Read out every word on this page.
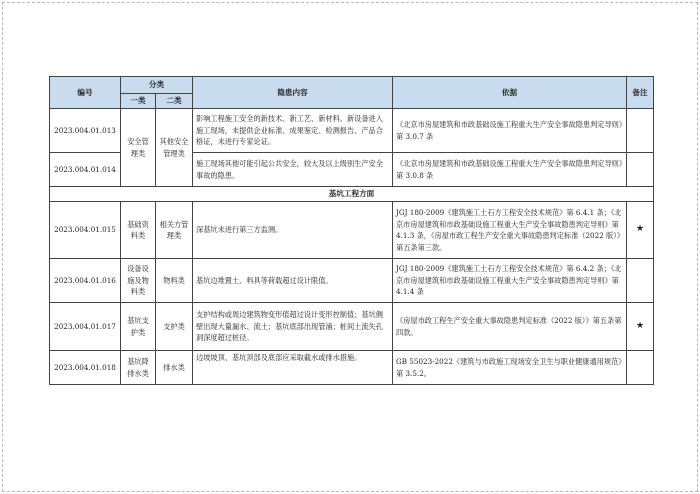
编号	分类		隐患内容	依据	备注
	一类	二类			
2023.004.01.013	安全管理类	其他安全管理类	影响工程施工安全的新技术、新工艺、新材料、新设备进入施工现场，未提供企业标准、成果鉴定、检测报告、产品合格证，未进行专家论证。	《北京市房屋建筑和市政基础设施工程重大生产安全事故隐患判定导则》第 3.0.7 条	
2023.004.01.014			施工现场其他可能引起公共安全，较大及以上级别生产安全事故的隐患。	《北京市房屋建筑和市政基础设施工程重大生产安全事故隐患判定导则》第 3.0.8 条	
基坑工程方面					
2023.004.01.015	基础资料类	相关方管理类	深基坑未进行第三方监测。	JGJ 180-2009《建筑施工土石方工程安全技术规范》第 6.4.1 条；《北京市房屋建筑和市政基础设施工程重大生产安全事故隐患判定导则》第 4.1.3 条，《房屋市政工程生产安全重大事故隐患判定标准（2022 版）》第五条第三款。	★
2023.004.01.016	设备设施及物料类	物料类	基坑边堆置土、料具等荷载超过设计限值。	JGJ 180-2009《建筑施工土石方工程安全技术规范》第 6.4.2 条；《北京市房屋建筑和市政基础设施工程重大生产安全事故隐患判定导则》第 4.1.4 条	
2023.004.01.017	基坑支护类	支护类	支护结构或周边建筑物变形值超过设计变形控制值；基坑侧壁出现大量漏水、流土；基坑底部出现管涌；桩间土流失孔洞深度超过桩径。	《房屋市政工程生产安全重大事故隐患判定标准（2022 版）》第五条第四款。	★
2023.004.01.018	基坑降排水类	排水类	边坡坡顶、基坑顶部及底部应采取截水或排水措施。	GB 55023-2022《建筑与市政施工现场安全卫生与职业健康通用规范》第 3.5.2。	
